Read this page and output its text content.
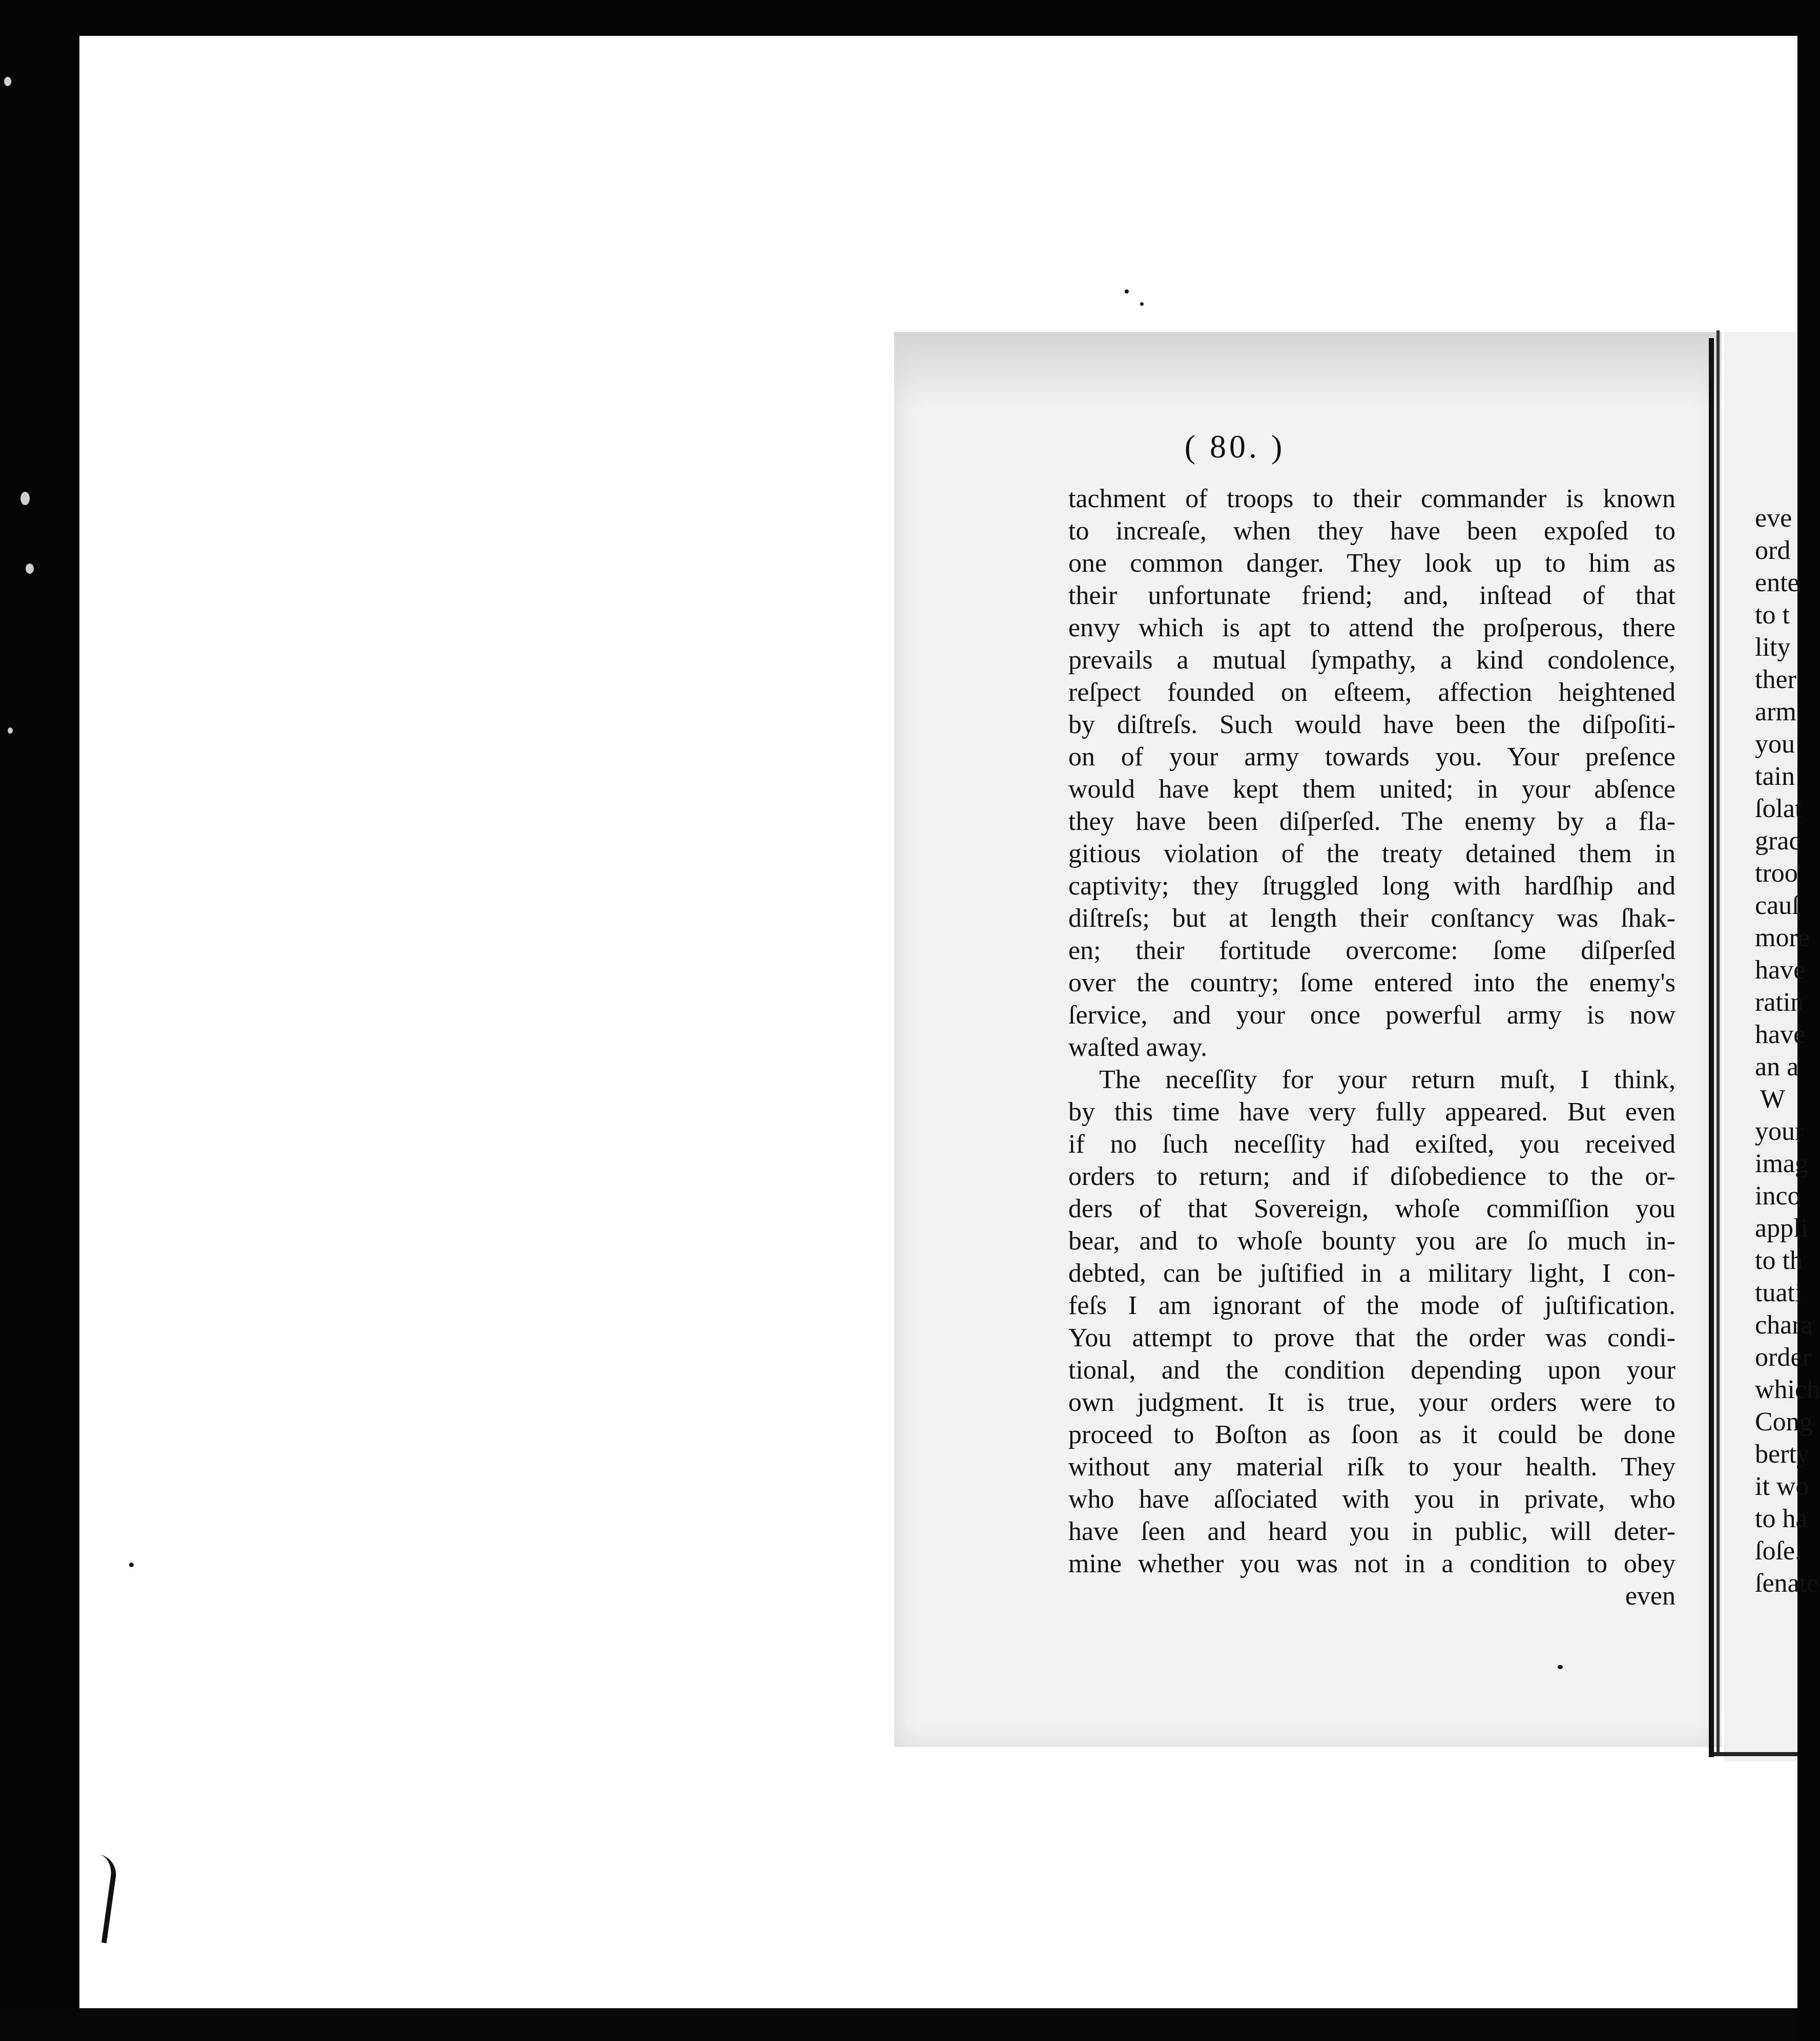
( 80. )
tachment of troops to their commander is known
to increaſe, when they have been expoſed to
one common danger. They look up to him as
their unfortunate friend; and, inſtead of that
envy which is apt to attend the proſperous, there
prevails a mutual ſympathy, a kind condolence,
reſpect founded on eſteem, affection heightened
by diſtreſs. Such would have been the diſpoſiti-
on of your army towards you. Your preſence
would have kept them united; in your abſence
they have been diſperſed. The enemy by a fla-
gitious violation of the treaty detained them in
captivity; they ſtruggled long with hardſhip and
diſtreſs; but at length their conſtancy was ſhak-
en; their fortitude overcome: ſome diſperſed
over the country; ſome entered into the enemy's
ſervice, and your once powerful army is now
waſted away.
The neceſſity for your return muſt, I think,
by this time have very fully appeared. But even
if no ſuch neceſſity had exiſted, you received
orders to return; and if diſobedience to the or-
ders of that Sovereign, whoſe commiſſion you
bear, and to whoſe bounty you are ſo much in-
debted, can be juſtified in a military light, I con-
feſs I am ignorant of the mode of juſtification.
You attempt to prove that the order was condi-
tional, and the condition depending upon your
own judgment. It is true, your orders were to
proceed to Boſton as ſoon as it could be done
without any material riſk to your health. They
who have aſſociated with you in private, who
have ſeen and heard you in public, will deter-
mine whether you was not in a condition to obey
even
eve
ord
ente
to t
lity
ther
arm
you
tain
ſolat
grac
troo
cauſ
more
have
ratin
have
an a
W
your
imag
inco
appli
to th
tuati
chara
order
which
Cong
berty
it wo
to ha
ſoſe.
ſenate
